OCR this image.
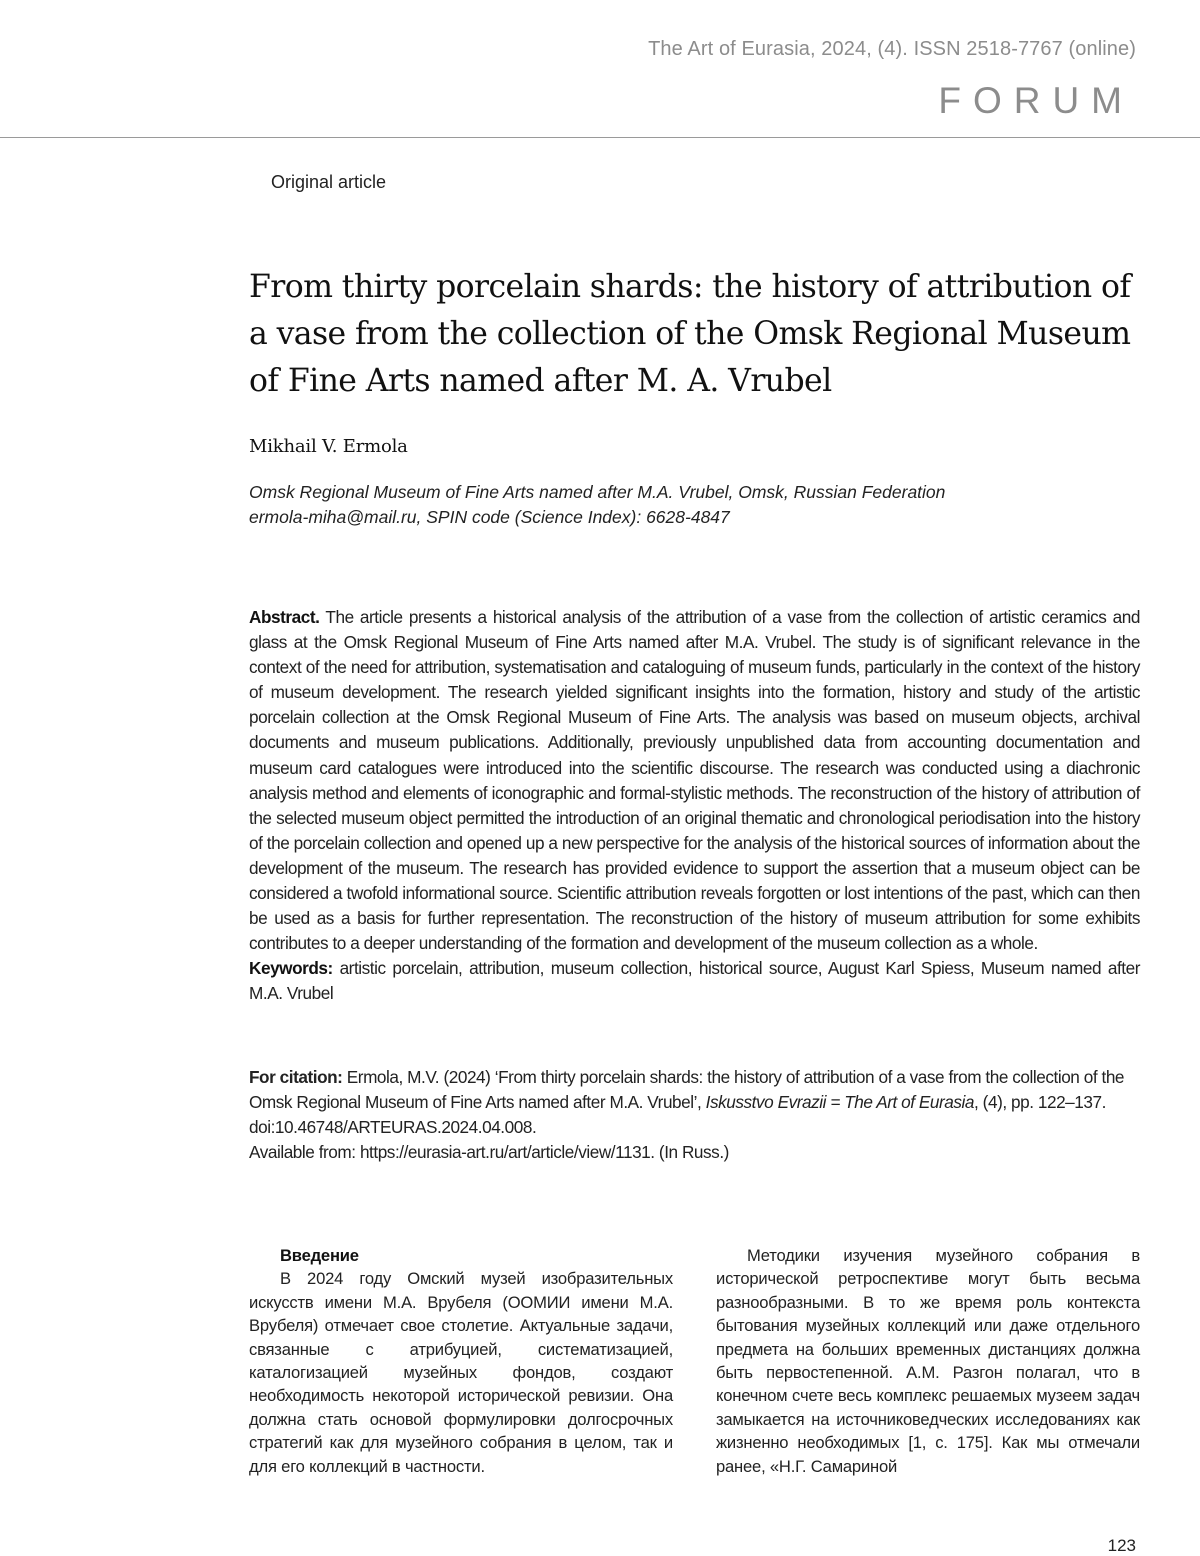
The Art of Eurasia, 2024, (4). ISSN 2518-7767 (online)
FORUM
Original article
From thirty porcelain shards: the history of attribution of a vase from the collection of the Omsk Regional Museum of Fine Arts named after M. A. Vrubel
Mikhail V. Ermola
Omsk Regional Museum of Fine Arts named after M.A. Vrubel, Omsk, Russian Federation
ermola-miha@mail.ru, SPIN code (Science Index): 6628-4847

Abstract. The article presents a historical analysis of the attribution of a vase from the collection of artistic ceramics and glass at the Omsk Regional Museum of Fine Arts named after M.A. Vrubel. The study is of significant relevance in the context of the need for attribution, systematisation and cataloguing of museum funds, particularly in the context of the history of museum development. The research yielded significant insights into the formation, history and study of the artistic porcelain collection at the Omsk Regional Museum of Fine Arts. The analysis was based on museum objects, archival documents and museum publications. Additionally, previously unpublished data from accounting documentation and museum card catalogues were introduced into the scientific discourse. The research was conducted using a diachronic analysis method and elements of iconographic and formal-stylistic methods. The reconstruction of the history of attribution of the selected museum object permitted the introduction of an original thematic and chronological periodisation into the history of the porcelain collection and opened up a new perspective for the analysis of the historical sources of information about the development of the museum. The research has provided evidence to support the assertion that a museum object can be considered a twofold informational source. Scientific attribution reveals forgotten or lost intentions of the past, which can then be used as a basis for further representation. The reconstruction of the history of museum attribution for some exhibits contributes to a deeper understanding of the formation and development of the museum collection as a whole.

Keywords: artistic porcelain, attribution, museum collection, historical source, August Karl Spiess, Museum named after M.A. Vrubel

For citation: Ermola, M.V. (2024) ‘From thirty porcelain shards: the history of attribution of a vase from the collection of the Omsk Regional Museum of Fine Arts named after M.A. Vrubel’, Iskusstvo Evrazii = The Art of Eurasia, (4), pp. 122–137. doi:10.46748/ARTEURAS.2024.04.008.

Available from: https://eurasia-art.ru/art/article/view/1131. (In Russ.)

Введение

В 2024 году Омский музей изобразительных искусств имени М.А. Врубеля (ООМИИ имени М.А. Врубеля) отмечает свое столетие. Актуальные задачи, связанные с атрибуцией, систематизацией, каталогизацией музейных фондов, создают необходимость некоторой исторической ревизии. Она должна стать основой формулировки долгосрочных стратегий как для музейного собрания в целом, так и для его коллекций в частности.

Методики изучения музейного собрания в исторической ретроспективе могут быть весьма разнообразными. В то же время роль контекста бытования музейных коллекций или даже отдельного предмета на больших временных дистанциях должна быть первостепенной. А.М. Разгон полагал, что в конечном счете весь комплекс решаемых музеем задач замыкается на источниковедческих исследованиях как жизненно необходимых [1, с. 175]. Как мы отмечали ранее, «Н.Г. Самариной

123
